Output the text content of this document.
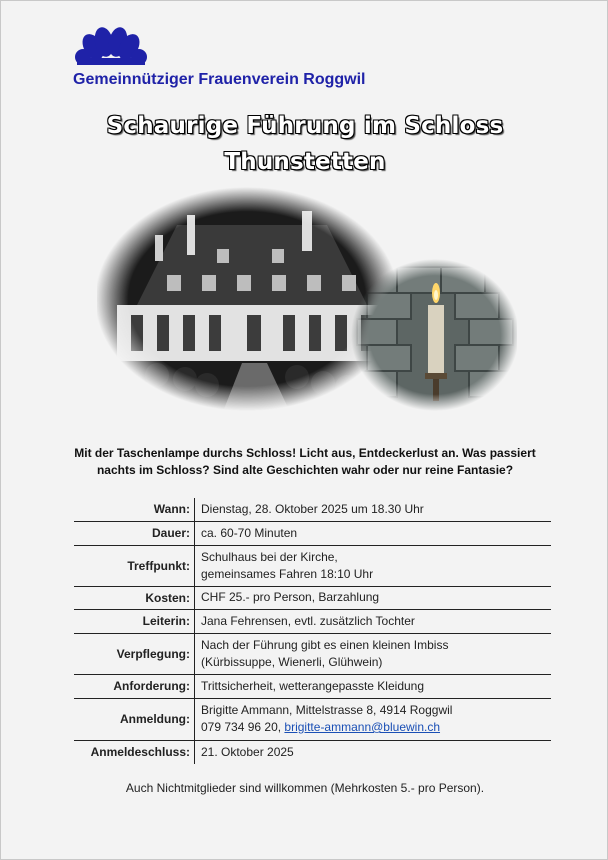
Gemeinnütziger Frauenverein Roggwil
Schaurige Führung im Schloss
Thunstetten
Mit der Taschenlampe durchs Schloss! Licht aus, Entdeckerlust an. Was passiert nachts im Schloss? Sind alte Geschichten wahr oder nur reine Fantasie?
Wann:	Dienstag, 28. Oktober 2025 um 18.30 Uhr
Dauer:	ca. 60-70 Minuten
Treffpunkt:	Schulhaus bei der Kirche,
gemeinsames Fahren 18:10 Uhr

Kosten:	CHF 25.- pro Person, Barzahlung
Leiterin:	Jana Fehrensen, evtl. zusätzlich Tochter
Verpflegung:	Nach der Führung gibt es einen kleinen Imbiss
(Kürbissuppe, Wienerli, Glühwein)

Anforderung:	Trittsicherheit, wetterangepasste Kleidung
Anmeldung:	Brigitte Ammann, Mittelstrasse 8, 4914 Roggwil
079 734 96 20, brigitte-ammann@bluewin.ch

Anmeldeschluss:	21. Oktober 2025
Auch Nichtmitglieder sind willkommen (Mehrkosten 5.- pro Person).
